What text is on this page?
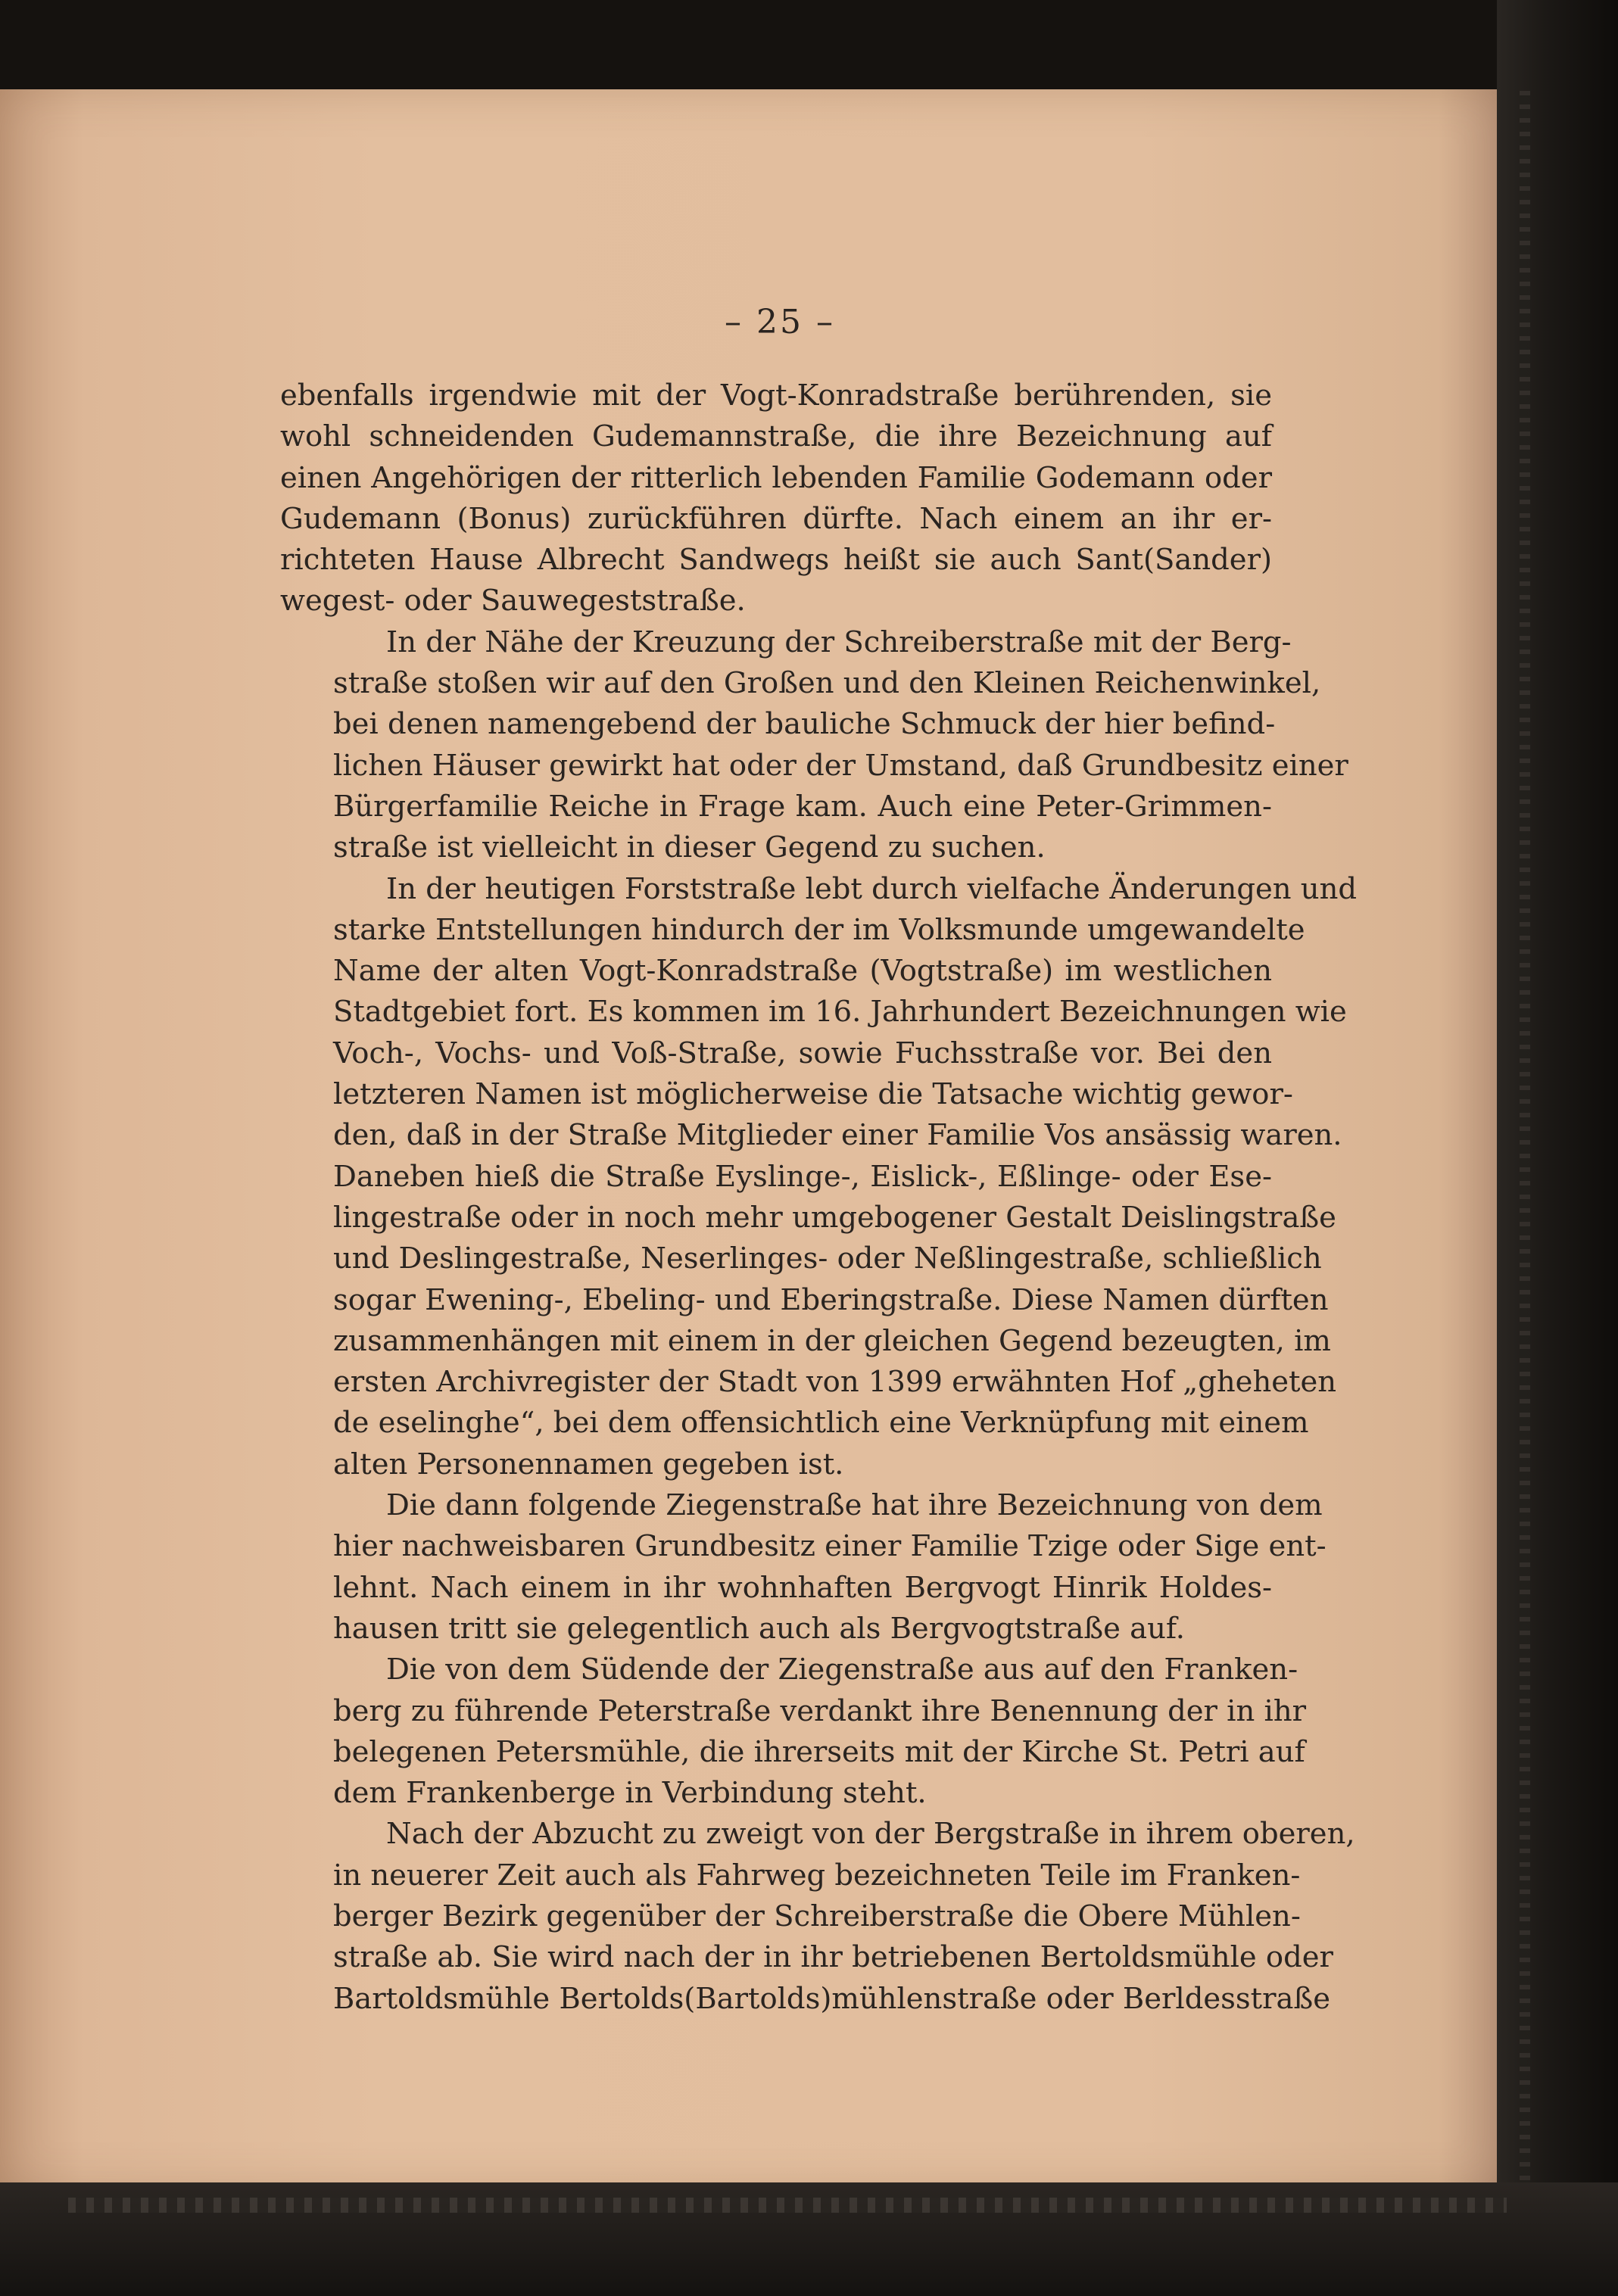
– 25 –
ebenfalls irgendwie mit der Vogt-Konradstraße berührenden, sie
wohl schneidenden Gudemannstraße, die ihre Bezeichnung auf
einen Angehörigen der ritterlich lebenden Familie Godemann oder
Gudemann (Bonus) zurückführen dürfte. Nach einem an ihr er-
richteten Hause Albrecht Sandwegs heißt sie auch Sant(Sander)
wegest- oder Sauwegeststraße.
In der Nähe der Kreuzung der Schreiberstraße mit der Berg-
straße stoßen wir auf den Großen und den Kleinen Reichenwinkel,
bei denen namengebend der bauliche Schmuck der hier befind-
lichen Häuser gewirkt hat oder der Umstand, daß Grundbesitz einer
Bürgerfamilie Reiche in Frage kam. Auch eine Peter-Grimmen-
straße ist vielleicht in dieser Gegend zu suchen.
In der heutigen Forststraße lebt durch vielfache Änderungen und
starke Entstellungen hindurch der im Volksmunde umgewandelte
Name der alten Vogt-Konradstraße (Vogtstraße) im westlichen
Stadtgebiet fort. Es kommen im 16. Jahrhundert Bezeichnungen wie
Voch-, Vochs- und Voß-Straße, sowie Fuchsstraße vor. Bei den
letzteren Namen ist möglicherweise die Tatsache wichtig gewor-
den, daß in der Straße Mitglieder einer Familie Vos ansässig waren.
Daneben hieß die Straße Eyslinge-, Eislick-, Eßlinge- oder Ese-
lingestraße oder in noch mehr umgebogener Gestalt Deislingstraße
und Deslingestraße, Neserlinges- oder Neßlingestraße, schließlich
sogar Ewening-, Ebeling- und Eberingstraße. Diese Namen dürften
zusammenhängen mit einem in der gleichen Gegend bezeugten, im
ersten Archivregister der Stadt von 1399 erwähnten Hof „gheheten
de eselinghe“, bei dem offensichtlich eine Verknüpfung mit einem
alten Personennamen gegeben ist.
Die dann folgende Ziegenstraße hat ihre Bezeichnung von dem
hier nachweisbaren Grundbesitz einer Familie Tzige oder Sige ent-
lehnt. Nach einem in ihr wohnhaften Bergvogt Hinrik Holdes-
hausen tritt sie gelegentlich auch als Bergvogtstraße auf.
Die von dem Südende der Ziegenstraße aus auf den Franken-
berg zu führende Peterstraße verdankt ihre Benennung der in ihr
belegenen Petersmühle, die ihrerseits mit der Kirche St. Petri auf
dem Frankenberge in Verbindung steht.
Nach der Abzucht zu zweigt von der Bergstraße in ihrem oberen,
in neuerer Zeit auch als Fahrweg bezeichneten Teile im Franken-
berger Bezirk gegenüber der Schreiberstraße die Obere Mühlen-
straße ab. Sie wird nach der in ihr betriebenen Bertoldsmühle oder
Bartoldsmühle Bertolds(Bartolds)mühlenstraße oder Berldesstraße
